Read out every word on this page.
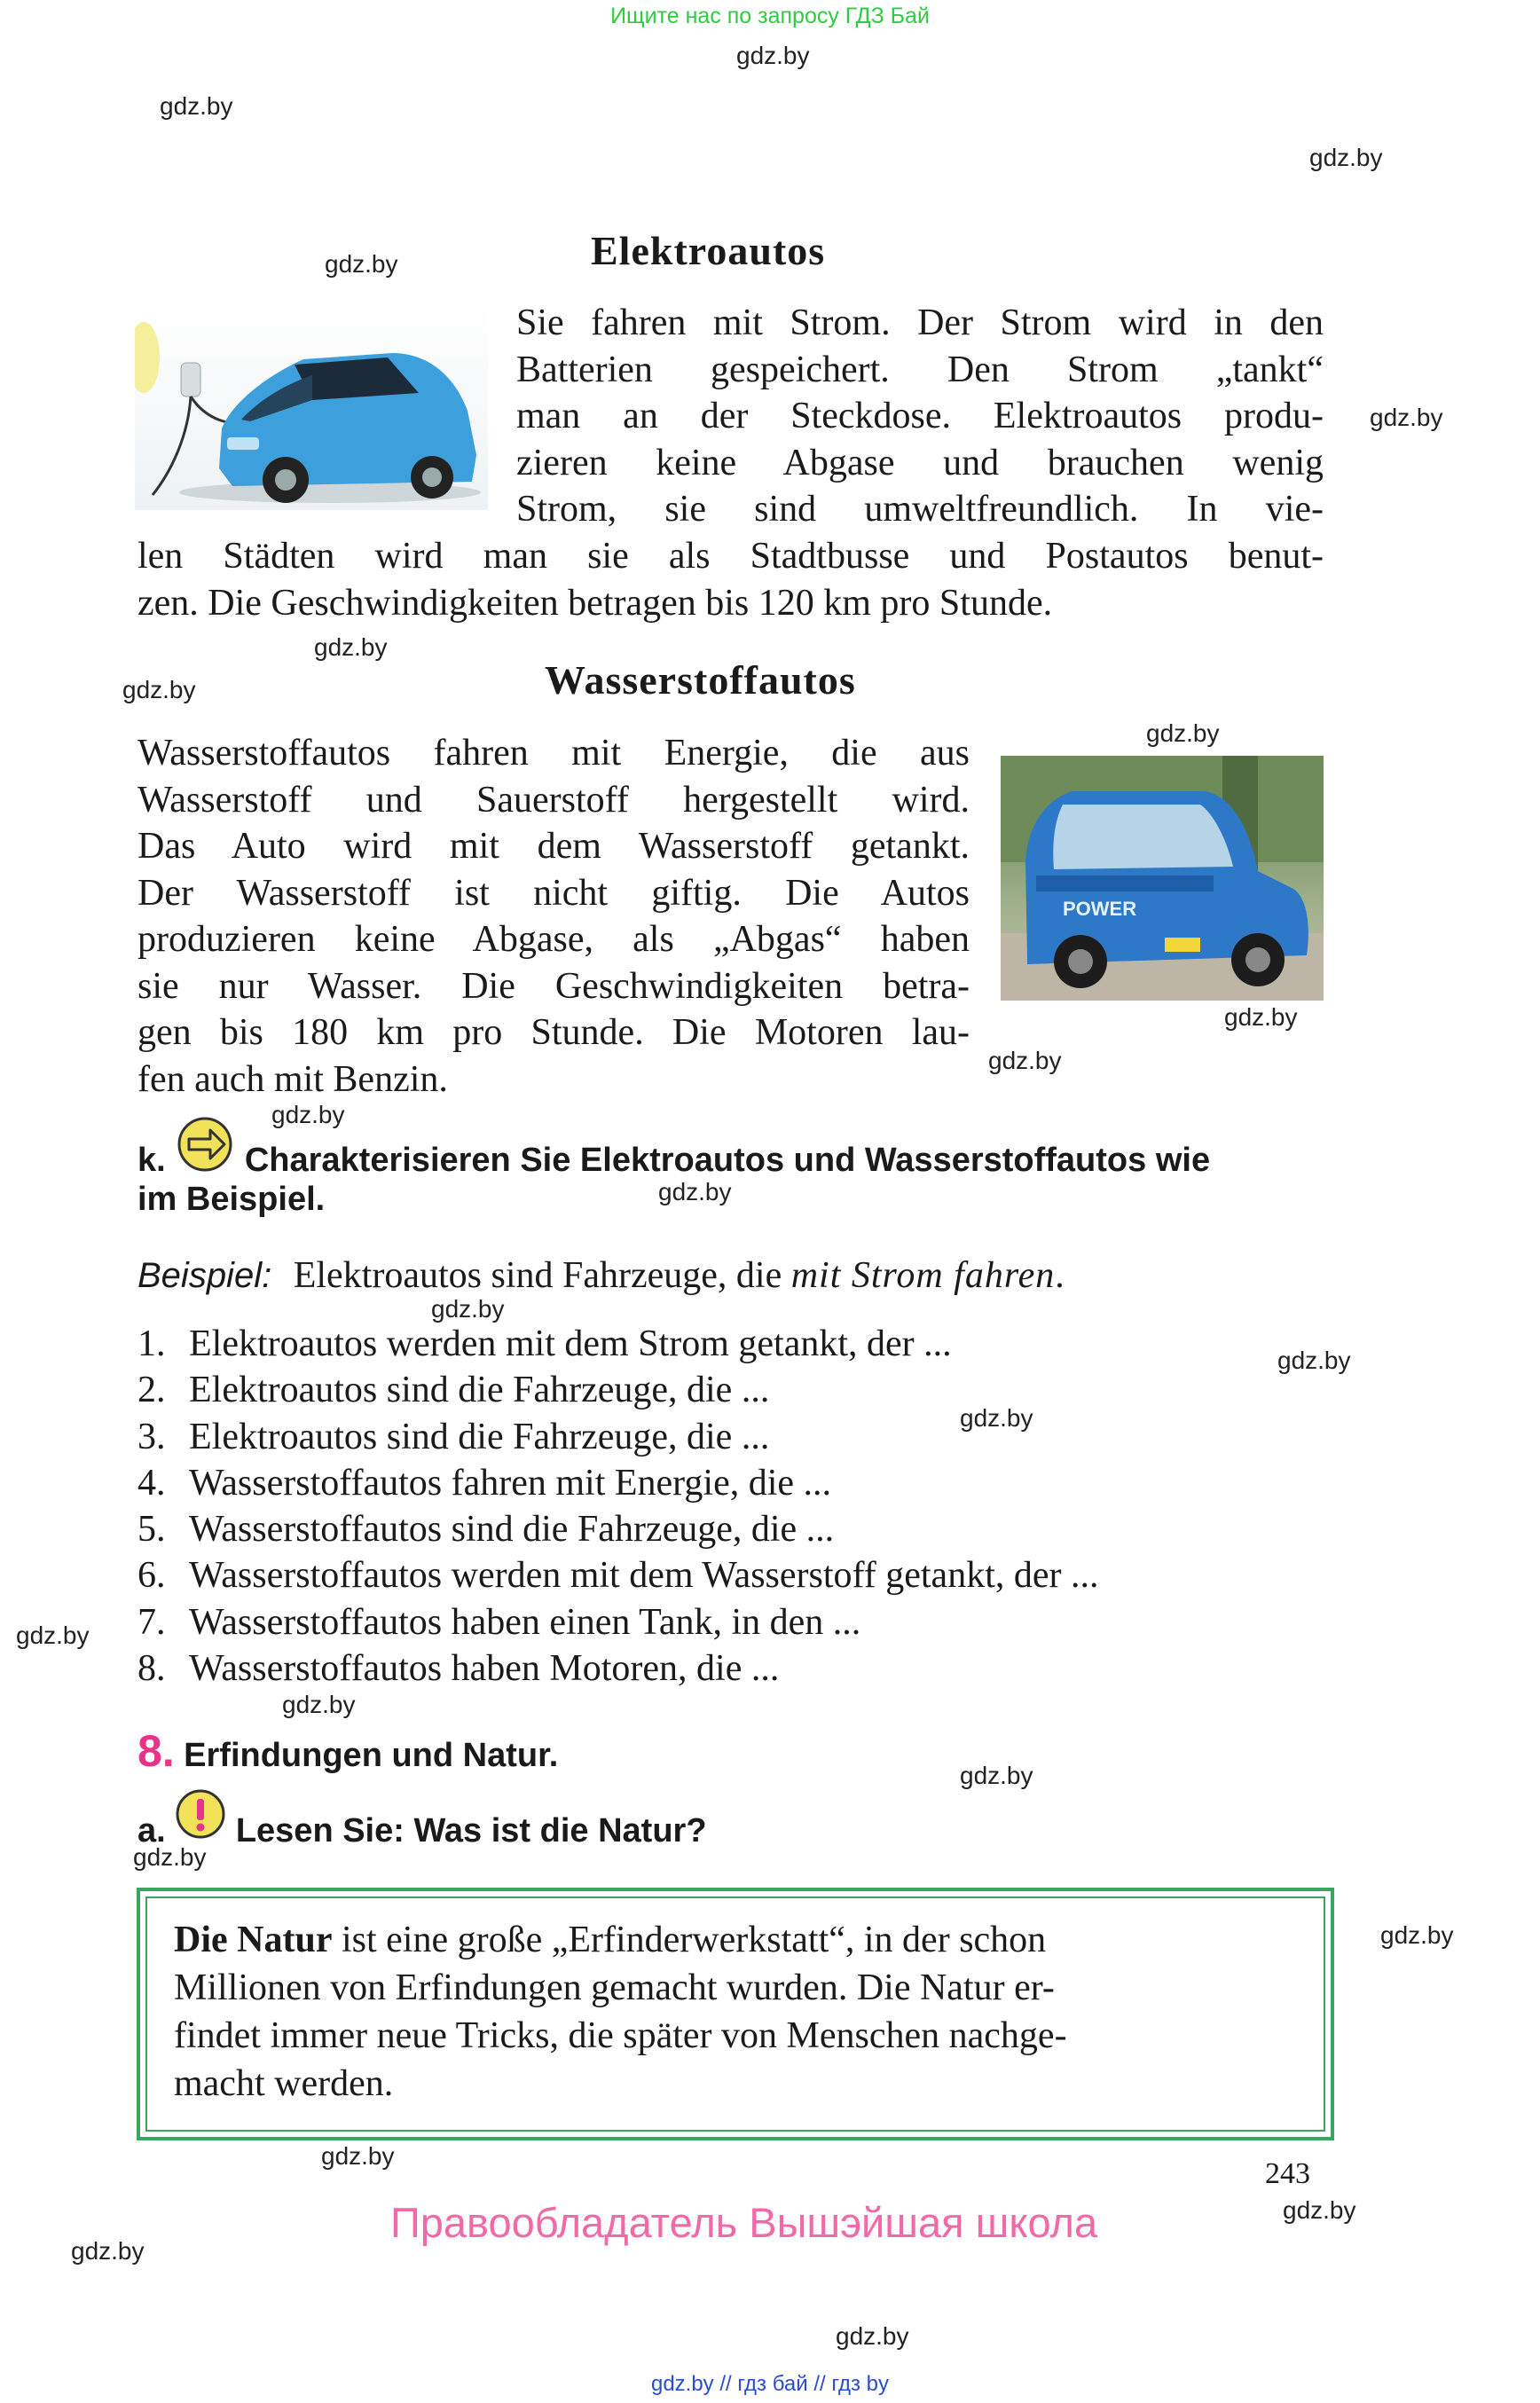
Ищите нас по запросу ГДЗ Бай
gdz.by
gdz.by
gdz.by
gdz.by
gdz.by
gdz.by
gdz.by
gdz.by
gdz.by
gdz.by
gdz.by
gdz.by
gdz.by
gdz.by
gdz.by
gdz.by
gdz.by
gdz.by
gdz.by
gdz.by
gdz.by
gdz.by
gdz.by
gdz.by
Elektroautos
Sie fahren mit Strom. Der Strom wird in den
Batterien gespeichert. Den Strom „tankt“
man an der Steckdose. Elektroautos produ-
zieren keine Abgase und brauchen wenig
Strom, sie sind umweltfreundlich. In vie-
len Städten wird man sie als Stadtbusse und Postautos benut-
zen. Die Geschwindigkeiten betragen bis 120 km pro Stunde.
Wasserstoffautos
Wasserstoffautos fahren mit Energie, die aus
Wasserstoff und Sauerstoff hergestellt wird.
Das Auto wird mit dem Wasserstoff getankt.
Der Wasserstoff ist nicht giftig. Die Autos
produzieren keine Abgase, als „Abgas“ haben
sie nur Wasser. Die Geschwindigkeiten betra-
gen bis 180 km pro Stunde. Die Motoren lau-
fen auch mit Benzin.
POWER
k. Charakterisieren Sie Elektroautos und Wasserstoffautos wie
im Beispiel.
Beispiel: Elektroautos sind Fahrzeuge, die mit Strom fahren.
1. Elektroautos werden mit dem Strom getankt, der ...
2. Elektroautos sind die Fahrzeuge, die ...
3. Elektroautos sind die Fahrzeuge, die ...
4. Wasserstoffautos fahren mit Energie, die ...
5. Wasserstoffautos sind die Fahrzeuge, die ...
6. Wasserstoffautos werden mit dem Wasserstoff getankt, der ...
7. Wasserstoffautos haben einen Tank, in den ...
8. Wasserstoffautos haben Motoren, die ...
8. Erfindungen und Natur.
a. Lesen Sie: Was ist die Natur?
Die Natur ist eine große „Erfinderwerkstatt“, in der schon
Millionen von Erfindungen gemacht wurden. Die Natur er-
findet immer neue Tricks, die später von Menschen nachge-
macht werden.
243
Правообладатель Вышэйшая школа
gdz.by // гдз бай // гдз by
